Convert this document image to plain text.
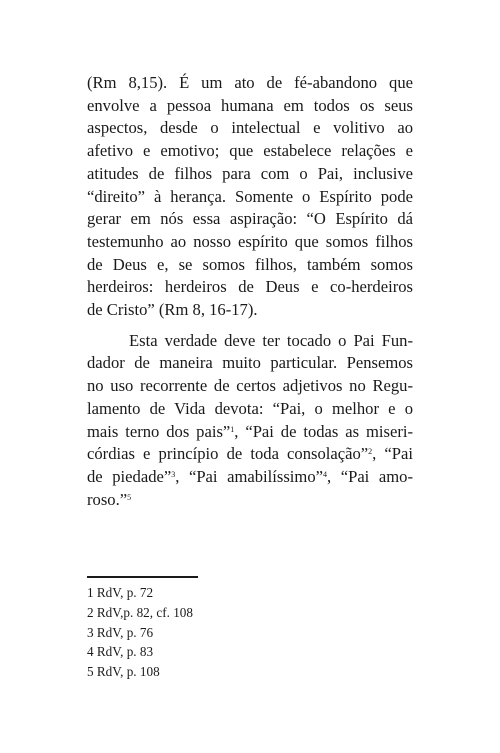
(Rm 8,15). É um ato de fé-abandono que
envolve a pessoa humana em todos os seus
aspectos, desde o intelectual e volitivo ao
afetivo e emotivo; que estabelece relações e
atitudes de filhos para com o Pai, inclusive
“direito” à herança. Somente o Espírito pode
gerar em nós essa aspiração: “O Espírito dá
testemunho ao nosso espírito que somos filhos
de Deus e, se somos filhos, também somos
herdeiros: herdeiros de Deus e co-herdeiros
de Cristo” (Rm 8, 16-17).

Esta verdade deve ter tocado o Pai Fun-
dador de maneira muito particular. Pensemos
no uso recorrente de certos adjetivos no Regu-
lamento de Vida devota: “Pai, o melhor e o
mais terno dos pais”$^1$, “Pai de todas as miseri-
córdias e princípio de toda consolação”$^2$, “Pai
de piedade”$^3$, “Pai amabilíssimo”$^4$, “Pai amo-
roso.”$^5$

1 RdV, p. 72
2 RdV,p. 82, cf. 108
3 RdV, p. 76
4 RdV, p. 83
5 RdV, p. 108
